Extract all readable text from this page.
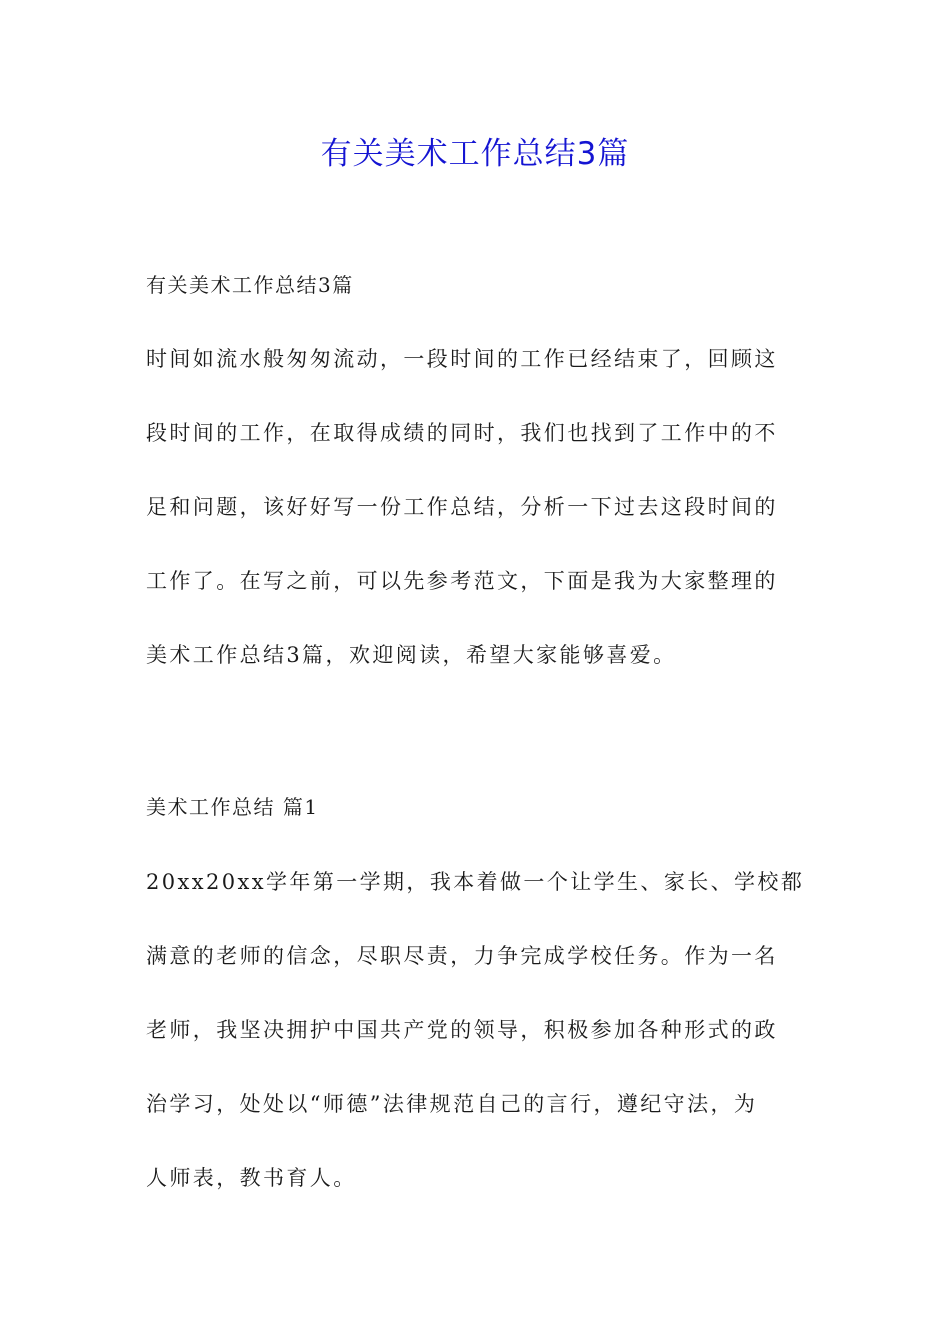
有关美术工作总结3篇

有关美术工作总结3篇

时间如流水般匆匆流动，一段时间的工作已经结束了，回顾这
段时间的工作，在取得成绩的同时，我们也找到了工作中的不
足和问题，该好好写一份工作总结，分析一下过去这段时间的
工作了。在写之前，可以先参考范文，下面是我为大家整理的
美术工作总结3篇，欢迎阅读，希望大家能够喜爱。

美术工作总结 篇1

20xx20xx学年第一学期，我本着做一个让学生、家长、学校都
满意的老师的信念，尽职尽责，力争完成学校任务。作为一名
老师，我坚决拥护中国共产党的领导，积极参加各种形式的政
治学习，处处以“师德”法律规范自己的言行，遵纪守法，为
人师表，教书育人。
